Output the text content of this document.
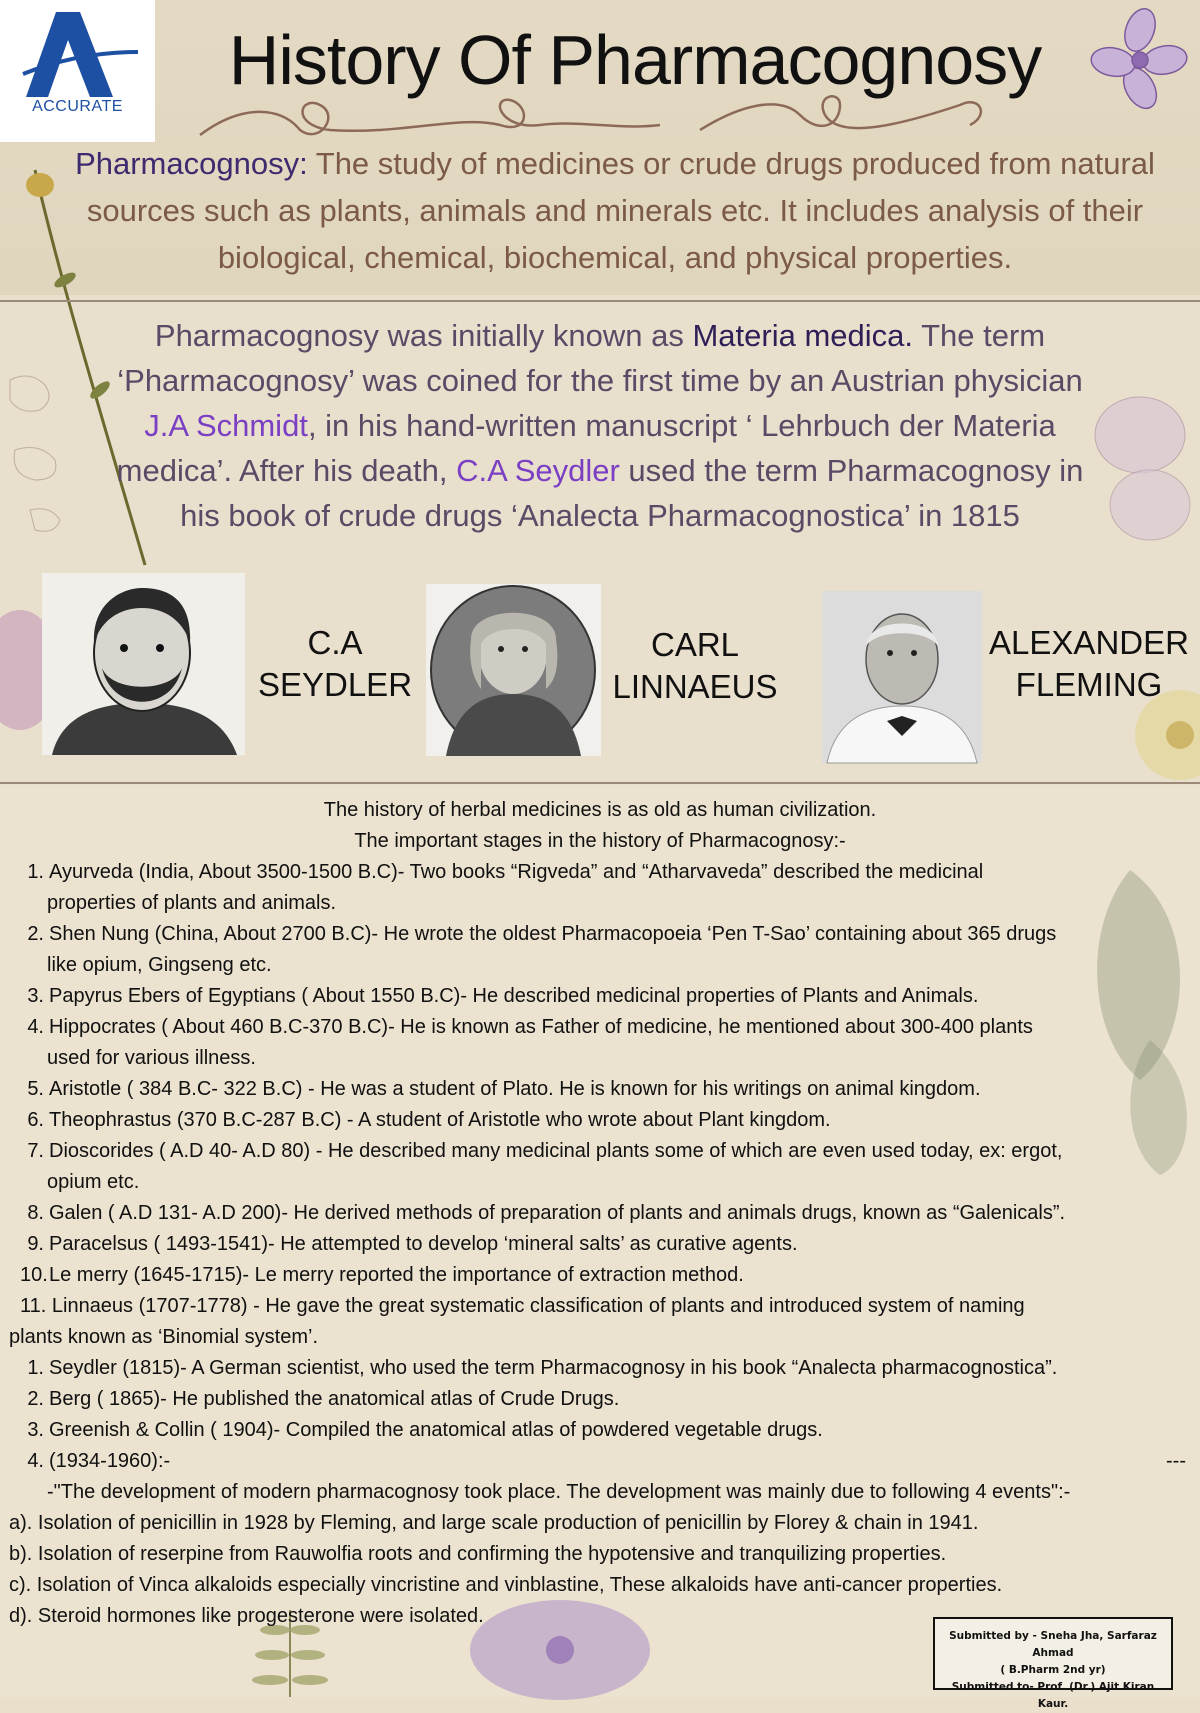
ACCURATE
History Of Pharmacognosy

Pharmacognosy: The study of medicines or crude drugs produced from natural sources such as plants, animals and minerals etc. It includes analysis of their biological, chemical, biochemical, and physical properties.

Pharmacognosy was initially known as Materia medica. The term ‘Pharmacognosy’ was coined for the first time by an Austrian physician J.A Schmidt, in his hand-written manuscript ‘ Lehrbuch der Materia medica’. After his death, C.A Seydler used the term Pharmacognosy in his book of crude drugs ‘Analecta Pharmacognostica’ in 1815

C.A
SEYDLER
CARL
LINNAEUS
ALEXANDER
FLEMING
The history of herbal medicines is as old as human civilization.
The important stages in the history of Pharmacognosy:-
1. Ayurveda (India, About 3500-1500 B.C)- Two books “Rigveda” and “Atharvaveda” described the medicinal
properties of plants and animals.
2. Shen Nung (China, About 2700 B.C)- He wrote the oldest Pharmacopoeia ‘Pen T-Sao’ containing about 365 drugs
like opium, Gingseng etc.
3. Papyrus Ebers of Egyptians ( About 1550 B.C)- He described medicinal properties of Plants and Animals.
4. Hippocrates ( About 460 B.C-370 B.C)- He is known as Father of medicine, he mentioned about 300-400 plants
used for various illness.
5. Aristotle ( 384 B.C- 322 B.C) - He was a student of Plato. He is known for his writings on animal kingdom.
6. Theophrastus (370 B.C-287 B.C) - A student of Aristotle who wrote about Plant kingdom.
7. Dioscorides ( A.D 40- A.D 80) - He described many medicinal plants some of which are even used today, ex: ergot,
opium etc.
8. Galen ( A.D 131- A.D 200)- He derived methods of preparation of plants and animals drugs, known as “Galenicals”.
9. Paracelsus ( 1493-1541)- He attempted to develop ‘mineral salts’ as curative agents.
10.Le merry (1645-1715)- Le merry reported the importance of extraction method.
11. Linnaeus (1707-1778) - He gave the great systematic classification of plants and introduced system of naming
plants known as ‘Binomial system’.
1. Seydler (1815)- A German scientist, who used the term Pharmacognosy in his book “Analecta pharmacognostica”.
2. Berg ( 1865)- He published the anatomical atlas of Crude Drugs.
3. Greenish & Collin ( 1904)- Compiled the anatomical atlas of powdered vegetable drugs.
4. (1934-1960):-	---
-"The development of modern pharmacognosy took place. The development was mainly due to following 4 events":-
a). Isolation of penicillin in 1928 by Fleming, and large scale production of penicillin by Florey & chain in 1941.
b). Isolation of reserpine from Rauwolfia roots and confirming the hypotensive and tranquilizing properties.
c). Isolation of Vinca alkaloids especially vincristine and vinblastine, These alkaloids have anti-cancer properties.
d). Steroid hormones like progesterone were isolated.
Submitted by - Sneha Jha, Sarfaraz Ahmad
( B.Pharm 2nd yr)
Submitted to- Prof. (Dr.) Ajit Kiran Kaur.
